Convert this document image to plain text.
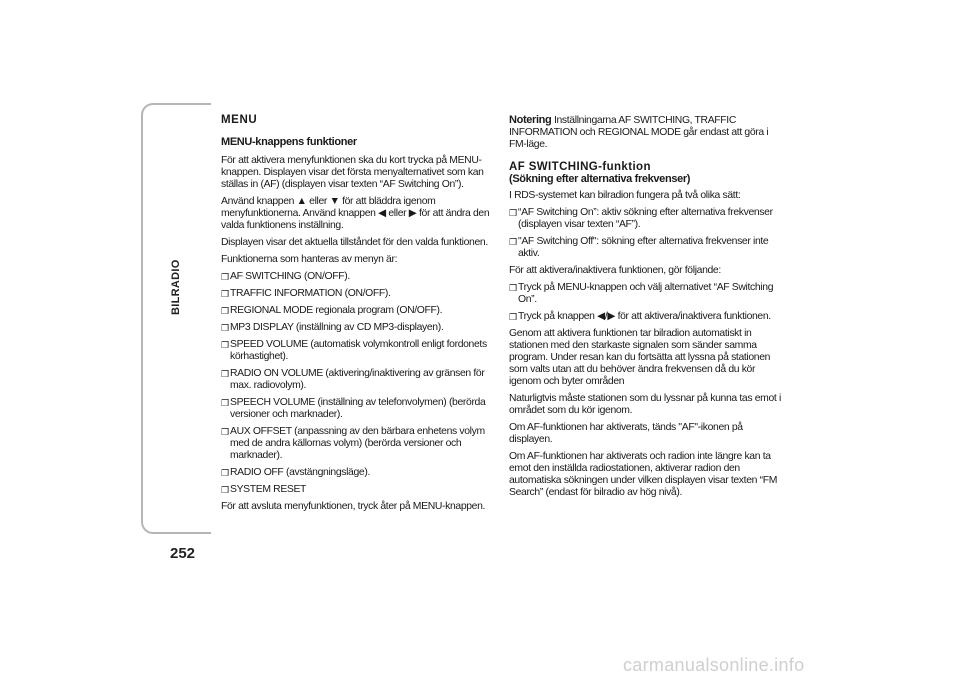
BILRADIO
252
MENU
MENU-knappens funktioner

För att aktivera menyfunktionen ska du kort trycka på MENU-knappen. Displayen visar det första menyalternativet som kan ställas in (AF) (displayen visar texten “AF Switching On”).

Använd knappen ▲ eller ▼ för att bläddra igenom menyfunktionerna. Använd knappen ◀ eller ▶ för att ändra den valda funktionens inställning.

Displayen visar det aktuella tillståndet för den valda funktionen.

Funktionerna som hanteras av menyn är:

❒ AF SWITCHING (ON/OFF).
❒ TRAFFIC INFORMATION (ON/OFF).
❒ REGIONAL MODE regionala program (ON/OFF).
❒ MP3 DISPLAY (inställning av CD MP3-displayen).
❒ SPEED VOLUME (automatisk volymkontroll enligt fordonets körhastighet).
❒ RADIO ON VOLUME (aktivering/inaktivering av gränsen för max. radiovolym).
❒ SPEECH VOLUME (inställning av telefonvolymen) (berörda versioner och marknader).
❒ AUX OFFSET (anpassning av den bärbara enhetens volym med de andra källornas volym) (berörda versioner och marknader).
❒ RADIO OFF (avstängningsläge).
❒ SYSTEM RESET

För att avsluta menyfunktionen, tryck åter på MENU-knappen.

Notering Inställningarna AF SWITCHING, TRAFFIC INFORMATION och REGIONAL MODE går endast att göra i FM-läge.

AF SWITCHING-funktion
(Sökning efter alternativa frekvenser)

I RDS-systemet kan bilradion fungera på två olika sätt:

❒ “AF Switching On”: aktiv sökning efter alternativa frekvenser (displayen visar texten “AF”).
❒ "AF Switching Off": sökning efter alternativa frekvenser inte aktiv.

För att aktivera/inaktivera funktionen, gör följande:

❒ Tryck på MENU-knappen och välj alternativet “AF Switching On”.
❒ Tryck på knappen ◀/▶ för att aktivera/inaktivera funktionen.

Genom att aktivera funktionen tar bilradion automatiskt in stationen med den starkaste signalen som sänder samma program. Under resan kan du fortsätta att lyssna på stationen som valts utan att du behöver ändra frekvensen då du kör igenom och byter områden

Naturligtvis måste stationen som du lyssnar på kunna tas emot i området som du kör igenom.

Om AF-funktionen har aktiverats, tänds "AF"-ikonen på displayen.

Om AF-funktionen har aktiverats och radion inte längre kan ta emot den inställda radiostationen, aktiverar radion den automatiska sökningen under vilken displayen visar texten “FM Search” (endast för bilradio av hög nivå).

carmanualsonline.info
